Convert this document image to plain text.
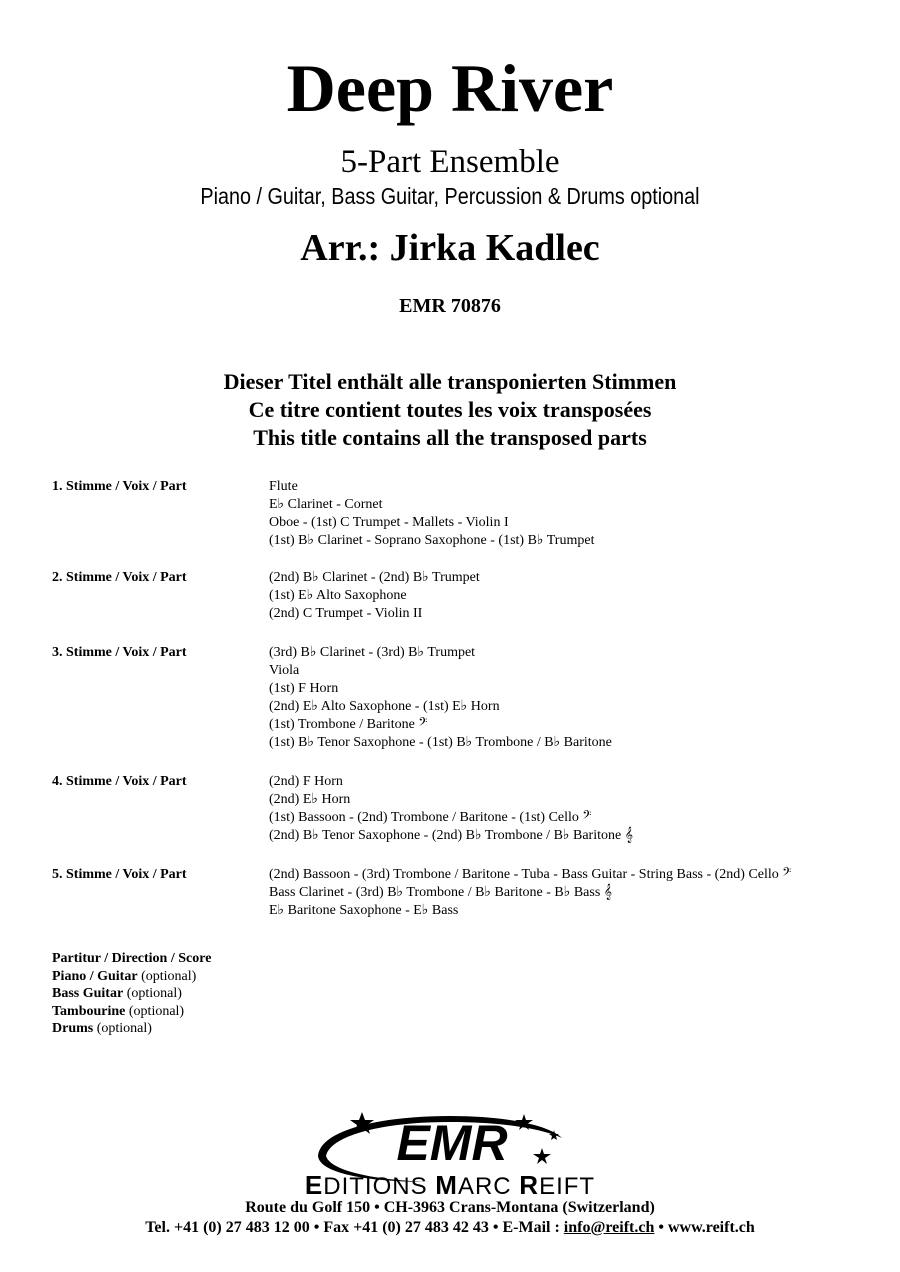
Deep River
5-Part Ensemble
Piano / Guitar, Bass Guitar, Percussion & Drums optional
Arr.: Jirka Kadlec
EMR 70876
Dieser Titel enthält alle transponierten Stimmen
Ce titre contient toutes les voix transposées
This title contains all the transposed parts
1. Stimme / Voix / Part	Flute
E♭ Clarinet - Cornet
Oboe - (1st) C Trumpet - Mallets - Violin I
(1st) B♭ Clarinet - Soprano Saxophone - (1st) B♭ Trumpet
2. Stimme / Voix / Part	(2nd) B♭ Clarinet - (2nd) B♭ Trumpet
(1st) E♭ Alto Saxophone
(2nd) C Trumpet - Violin II
3. Stimme / Voix / Part	(3rd) B♭ Clarinet - (3rd) B♭ Trumpet
Viola
(1st) F Horn
(2nd) E♭ Alto Saxophone - (1st) E♭ Horn
(1st) Trombone / Baritone 𝄢
(1st) B♭ Tenor Saxophone - (1st) B♭ Trombone / B♭ Baritone
4. Stimme / Voix / Part	(2nd) F Horn
(2nd) E♭ Horn
(1st) Bassoon - (2nd) Trombone / Baritone - (1st) Cello 𝄢
(2nd) B♭ Tenor Saxophone - (2nd) B♭ Trombone / B♭ Baritone 𝄞
5. Stimme / Voix / Part	(2nd) Bassoon - (3rd) Trombone / Baritone - Tuba - Bass Guitar - String Bass - (2nd) Cello 𝄢
Bass Clarinet - (3rd) B♭ Trombone / B♭ Baritone - B♭ Bass 𝄞
E♭ Baritone Saxophone - E♭ Bass
Partitur / Direction / Score
Piano / Guitar (optional)
Bass Guitar (optional)
Tambourine (optional)
Drums (optional)
EMR
EDITIONS MARC REIFT
Route du Golf 150 • CH-3963 Crans-Montana (Switzerland)
Tel. +41 (0) 27 483 12 00 • Fax +41 (0) 27 483 42 43 • E-Mail : info@reift.ch • www.reift.ch
